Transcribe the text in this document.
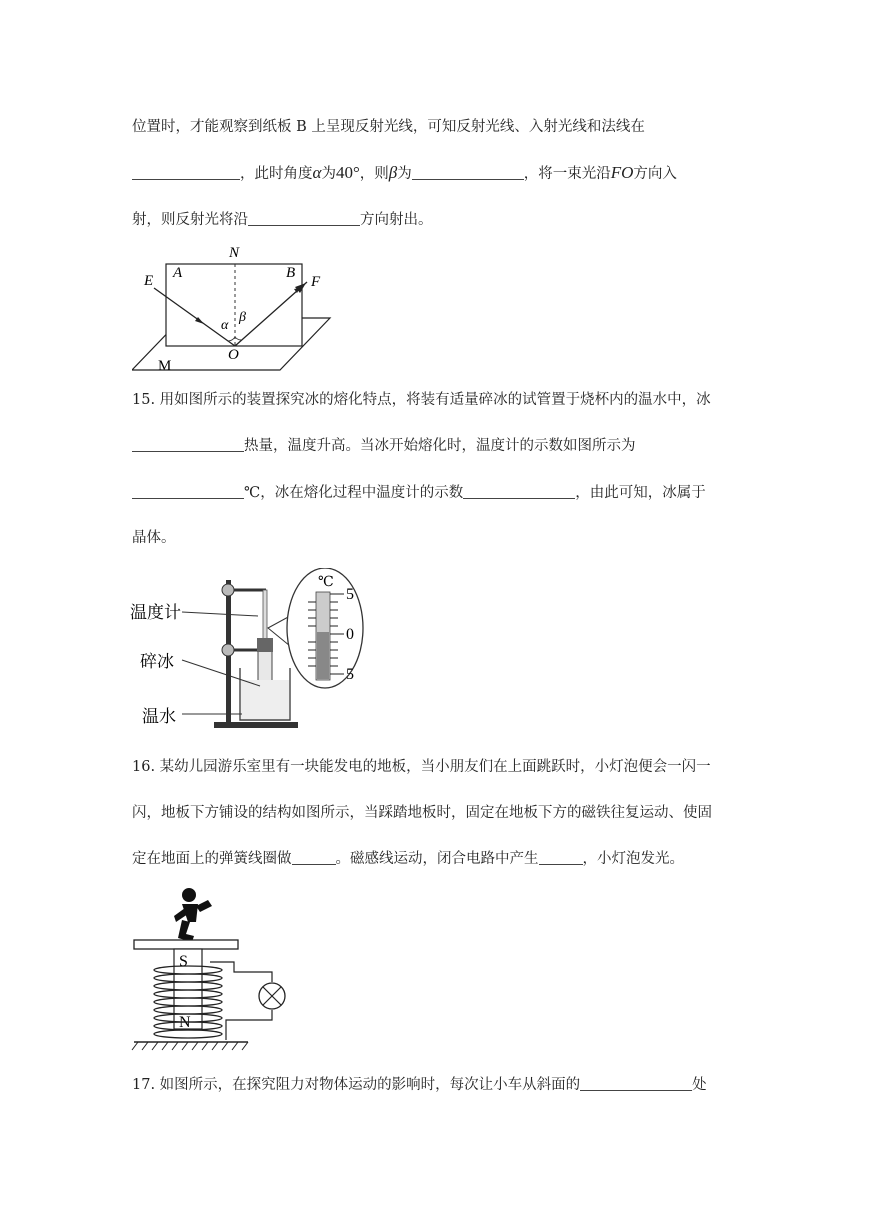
位置时，才能观察到纸板 B 上呈现反射光线，可知反射光线、入射光线和法线在
，此时角度α为40°，则β为	，将一束光沿FO方向入
射，则反射光将沿	方向射出。
N
A	B
E	F
α
β
O
M
15. 用如图所示的装置探究冰的熔化特点，将装有适量碎冰的试管置于烧杯内的温水中，冰
热量，温度升高。当冰开始熔化时，温度计的示数如图所示为
℃，冰在熔化过程中温度计的示数	，由此可知，冰属于
晶体。
温度计
碎冰
温水
℃
5
0
5
16. 某幼儿园游乐室里有一块能发电的地板，当小朋友们在上面跳跃时，小灯泡便会一闪一
闪，地板下方铺设的结构如图所示，当踩踏地板时，固定在地板下方的磁铁往复运动、使固
定在地面上的弹簧线圈做	。磁感线运动，闭合电路中产生	，小灯泡发光。
S
N
17. 如图所示，在探究阻力对物体运动的影响时，每次让小车从斜面的	处
